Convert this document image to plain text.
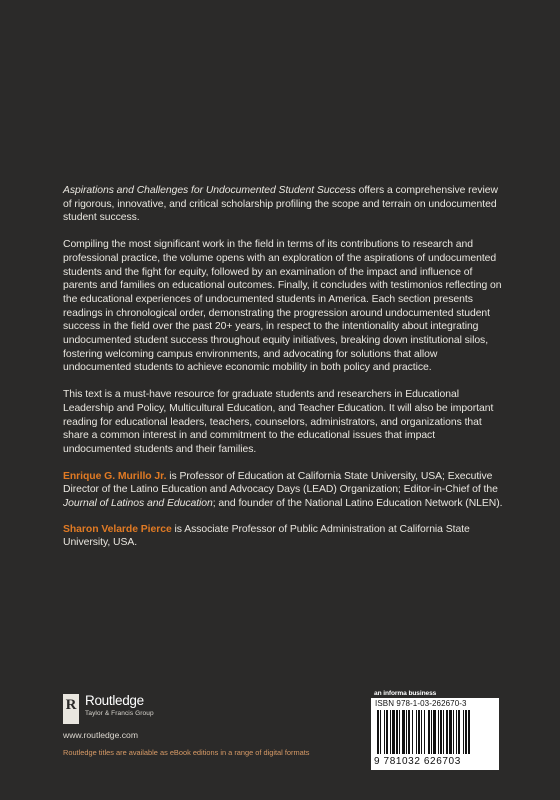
Aspirations and Challenges for Undocumented Student Success offers a comprehensive review of rigorous, innovative, and critical scholarship profiling the scope and terrain on undocumented student success.

Compiling the most significant work in the field in terms of its contributions to research and professional practice, the volume opens with an exploration of the aspirations of undocumented students and the fight for equity, followed by an examination of the impact and influence of parents and families on educational outcomes. Finally, it concludes with testimonios reflecting on the educational experiences of undocumented students in America. Each section presents readings in chronological order, demonstrating the progression around undocumented student success in the field over the past 20+ years, in respect to the intentionality about integrating undocumented student success throughout equity initiatives, breaking down institutional silos, fostering welcoming campus environments, and advocating for solutions that allow undocumented students to achieve economic mobility in both policy and practice.

This text is a must-have resource for graduate students and researchers in Educational Leadership and Policy, Multicultural Education, and Teacher Education. It will also be important reading for educational leaders, teachers, counselors, administrators, and organizations that share a common interest in and commitment to the educational issues that impact undocumented students and their families.

Enrique G. Murillo Jr. is Professor of Education at California State University, USA; Executive Director of the Latino Education and Advocacy Days (LEAD) Organization; Editor-in-Chief of the Journal of Latinos and Education; and founder of the National Latino Education Network (NLEN).

Sharon Velarde Pierce is Associate Professor of Public Administration at California State University, USA.

R Routledge
Taylor & Francis Group
www.routledge.com
Routledge titles are available as eBook editions in a range of digital formats
an informa business
ISBN 978-1-03-262670-3
9 781032 626703
